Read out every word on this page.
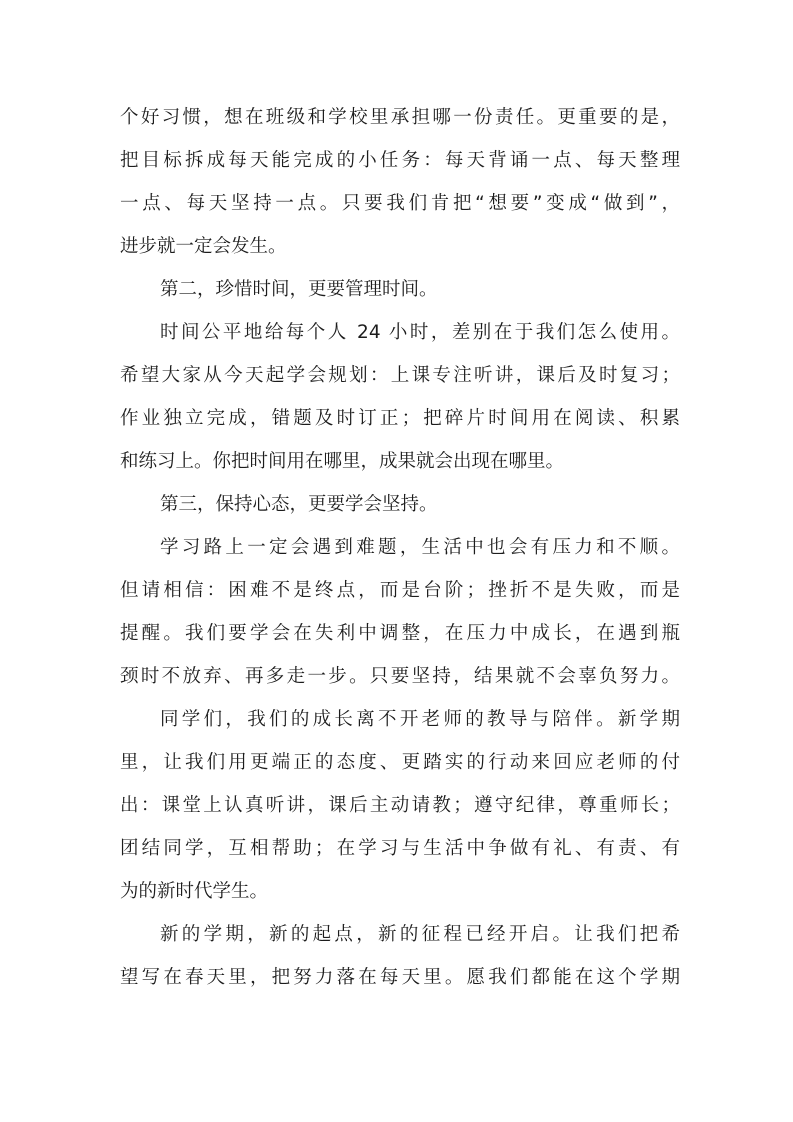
个好习惯，想在班级和学校里承担哪一份责任。更重要的是，

把目标拆成每天能完成的小任务：每天背诵一点、每天整理

一点、每天坚持一点。只要我们肯把“想要”变成“做到”，

进步就一定会发生。

第二，珍惜时间，更要管理时间。

时间公平地给每个人 24 小时，差别在于我们怎么使用。

希望大家从今天起学会规划：上课专注听讲，课后及时复习；

作业独立完成，错题及时订正；把碎片时间用在阅读、积累

和练习上。你把时间用在哪里，成果就会出现在哪里。

第三，保持心态，更要学会坚持。

学习路上一定会遇到难题，生活中也会有压力和不顺。

但请相信：困难不是终点，而是台阶；挫折不是失败，而是

提醒。我们要学会在失利中调整，在压力中成长，在遇到瓶

颈时不放弃、再多走一步。只要坚持，结果就不会辜负努力。

同学们，我们的成长离不开老师的教导与陪伴。新学期

里，让我们用更端正的态度、更踏实的行动来回应老师的付

出：课堂上认真听讲，课后主动请教；遵守纪律，尊重师长；

团结同学，互相帮助；在学习与生活中争做有礼、有责、有

为的新时代学生。

新的学期，新的起点，新的征程已经开启。让我们把希

望写在春天里，把努力落在每天里。愿我们都能在这个学期
